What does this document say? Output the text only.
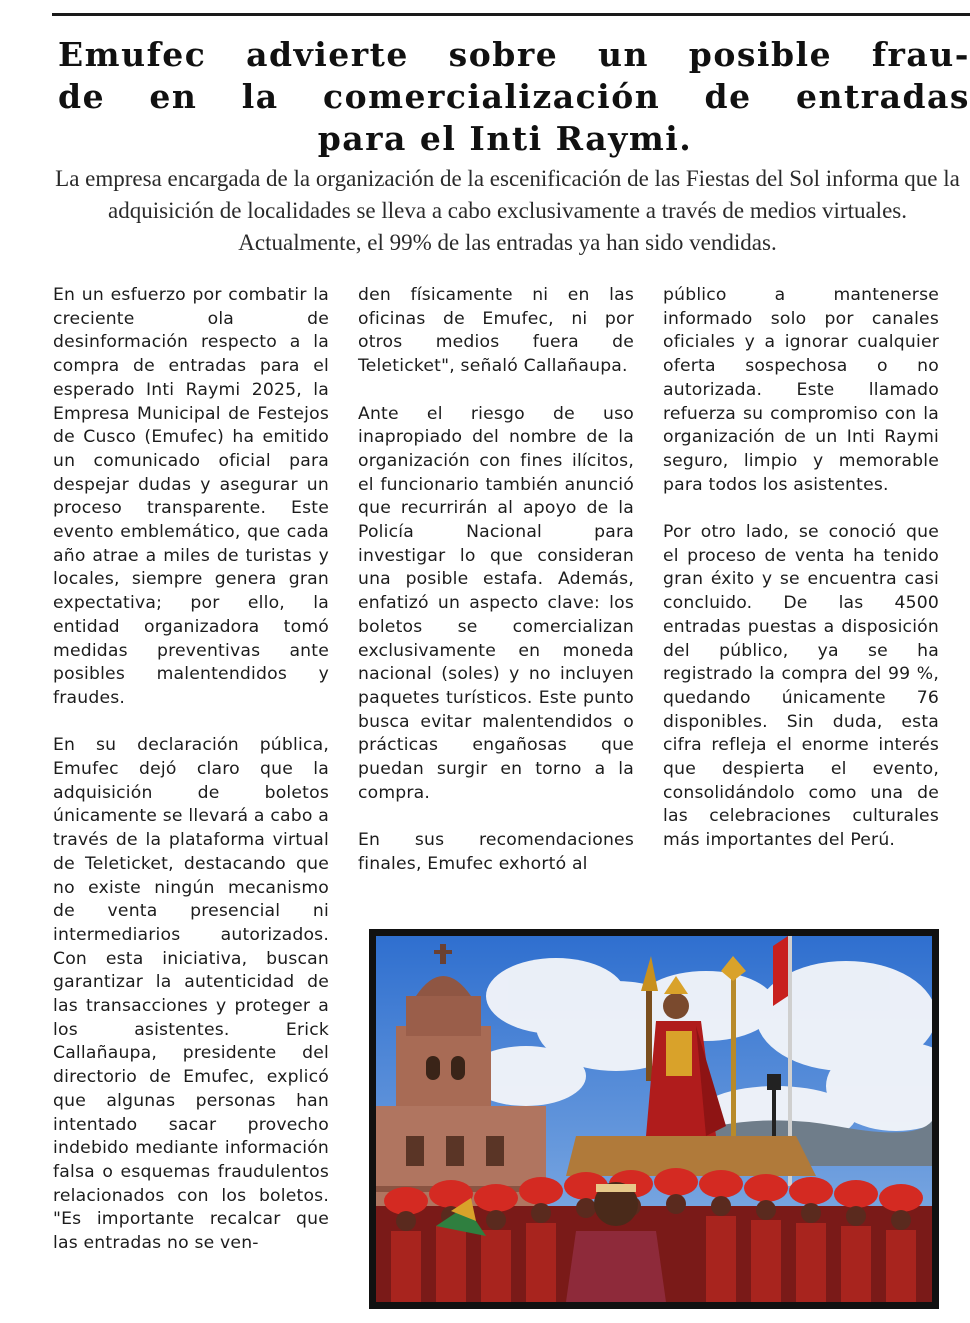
Emufec advierte sobre un posible frau-
de en la comercialización de entradas
para el Inti Raymi.
La empresa encargada de la organización de la escenificación de las Fiestas del Sol informa que la adquisición de localidades se lleva a cabo exclusivamente a través de medios virtuales. Actualmente, el 99% de las entradas ya han sido vendidas.

En un esfuerzo por combatir la creciente ola de desinformación respecto a la compra de entradas para el esperado Inti Raymi 2025, la Empresa Municipal de Festejos de Cusco (Emufec) ha emitido un comunicado oficial para despejar dudas y asegurar un proceso transparente. Este evento emblemático, que cada año atrae a miles de turistas y locales, siempre genera gran expectativa; por ello, la entidad organizadora tomó medidas preventivas ante posibles malentendidos y fraudes.

En su declaración pública, Emufec dejó claro que la adquisición de boletos únicamente se llevará a cabo a través de la plataforma virtual de Teleticket, destacando que no existe ningún mecanismo de venta presencial ni intermediarios autorizados. Con esta iniciativa, buscan garantizar la autenticidad de las transacciones y proteger a los asistentes. Erick Callañaupa, presidente del directorio de Emufec, explicó que algunas personas han intentado sacar provecho indebido mediante información falsa o esquemas fraudulentos relacionados con los boletos. "Es importante recalcar que las entradas no se ven-

den físicamente ni en las oficinas de Emufec, ni por otros medios fuera de Teleticket", señaló Callañaupa.

Ante el riesgo de uso inapropiado del nombre de la organización con fines ilícitos, el funcionario también anunció que recurrirán al apoyo de la Policía Nacional para investigar lo que consideran una posible estafa. Además, enfatizó un aspecto clave: los boletos se comercializan exclusivamente en moneda nacional (soles) y no incluyen paquetes turísticos. Este punto busca evitar malentendidos o prácticas engañosas que puedan surgir en torno a la compra.

En sus recomendaciones finales, Emufec exhortó al

público a mantenerse informado solo por canales oficiales y a ignorar cualquier oferta sospechosa o no autorizada. Este llamado refuerza su compromiso con la organización de un Inti Raymi seguro, limpio y memorable para todos los asistentes.

Por otro lado, se conoció que el proceso de venta ha tenido gran éxito y se encuentra casi concluido. De las 4500 entradas puestas a disposición del público, ya se ha registrado la compra del 99 %, quedando únicamente 76 disponibles. Sin duda, esta cifra refleja el enorme interés que despierta el evento, consolidándolo como una de las celebraciones culturales más importantes del Perú.
